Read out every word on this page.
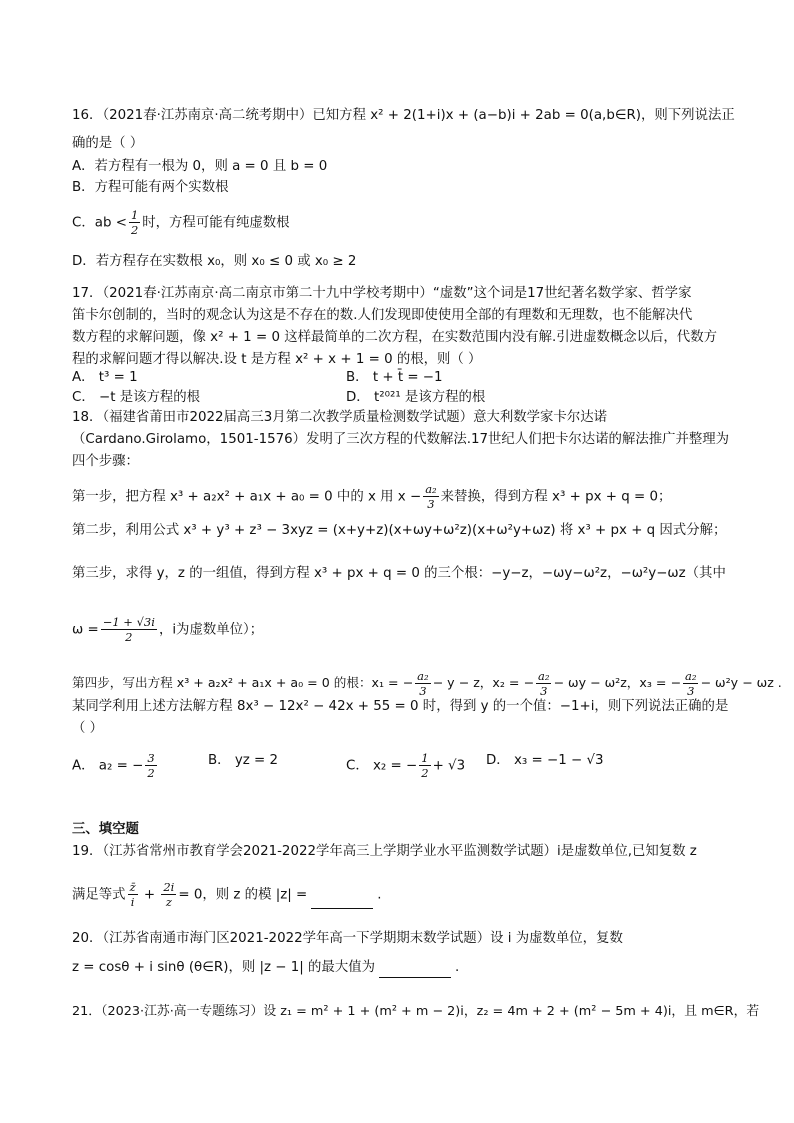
16．（2021春·江苏南京·高二统考期中）已知方程 x² + 2(1+i)x + (a−b)i + 2ab = 0(a,b∈R)，则下列说法正
确的是（ ）
A．若方程有一根为 0，则 a = 0 且 b = 0
B．方程可能有两个实数根
C．ab < $\frac{1}{2}$ 时，方程可能有纯虚数根
D．若方程存在实数根 x₀，则 x₀ ≤ 0 或 x₀ ≥ 2
17．（2021春·江苏南京·高二南京市第二十九中学校考期中）“虚数”这个词是17世纪著名数学家、哲学家
笛卡尔创制的，当时的观念认为这是不存在的数.人们发现即使使用全部的有理数和无理数，也不能解决代
数方程的求解问题，像 x² + 1 = 0 这样最简单的二次方程，在实数范围内没有解.引进虚数概念以后，代数方
程的求解问题才得以解决.设 t 是方程 x² + x + 1 = 0 的根，则（ ）
A． t³ = 1	B． t + t̄ = −1
C． −t 是该方程的根	D． t²⁰²¹ 是该方程的根
18．（福建省莆田市2022届高三3月第二次教学质量检测数学试题）意大利数学家卡尔达诺
（Cardano.Girolamo，1501-1576）发明了三次方程的代数解法.17世纪人们把卡尔达诺的解法推广并整理为
四个步骤：
第一步，把方程 x³ + a₂x² + a₁x + a₀ = 0 中的 x 用 $x - \frac{\text{a₂}}{3}$ 来替换，得到方程 x³ + px + q = 0；
第二步，利用公式 x³ + y³ + z³ − 3xyz = (x+y+z)(x+ωy+ω²z)(x+ω²y+ωz) 将 x³ + px + q 因式分解；
第三步，求得 y，z 的一组值，得到方程 x³ + px + q = 0 的三个根：−y−z，−ωy−ω²z，−ω²y−ωz（其中
$\omega = \frac{-1 + √3i}{2}$ ，i为虚数单位）；
第四步，写出方程 x³ + a₂x² + a₁x + a₀ = 0 的根：x₁ = − $\frac{\text{a₂}}{3} - y - z$，x₂ = − $\frac{\text{a₂}}{3} - \omega y - \omega^2z$，x₃ = − $\frac{\text{a₂}}{3} - \omega^2y - \omega z$ .
某同学利用上述方法解方程 8x³ − 12x² − 42x + 55 = 0 时，得到 y 的一个值：−1+i，则下列说法正确的是
（ ）
A． a₂ = − $\frac{3}{2}$	B． yz = 2	C． x₂ = − $\frac{1}{2} + √3$ D． x₃ = −1 − √3
三、填空题
19．（江苏省常州市教育学会2021-2022学年高三上学期学业水平监测数学试题）i是虚数单位,已知复数 z
满足等式 $\frac{z̄}{i} + \frac{2i}{z} = 0$，则 z 的模 |z| =	.
20．（江苏省南通市海门区2021-2022学年高一下学期期末数学试题）设 i 为虚数单位，复数
z = cosθ + i sinθ (θ∈R)，则 |z − 1| 的最大值为	.
21．（2023·江苏·高一专题练习）设 z₁ = m² + 1 + (m² + m − 2)i，z₂ = 4m + 2 + (m² − 5m + 4)i，且 m∈R，若
